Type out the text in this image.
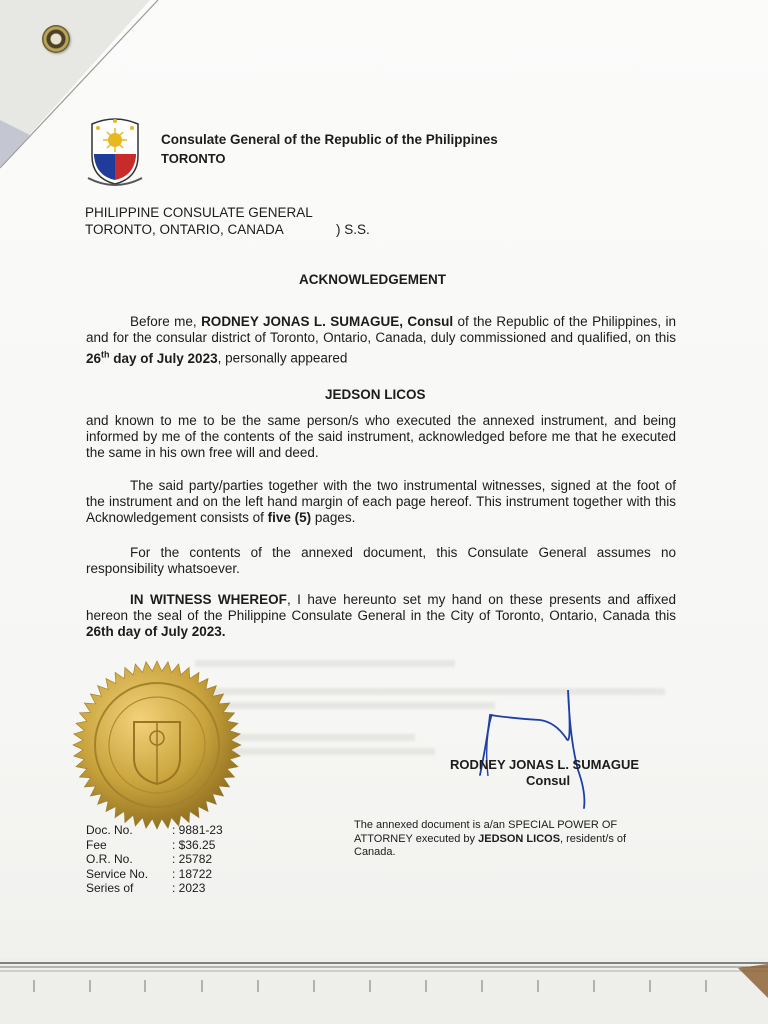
Consulate General of the Republic of the Philippines
TORONTO
PHILIPPINE CONSULATE GENERAL
TORONTO, ONTARIO, CANADA	) S.S.
ACKNOWLEDGEMENT

Before me, RODNEY JONAS L. SUMAGUE, Consul of the Republic of the Philippines, in and for the consular district of Toronto, Ontario, Canada, duly commissioned and qualified, on this 26th day of July 2023, personally appeared

JEDSON LICOS

and known to me to be the same person/s who executed the annexed instrument, and being informed by me of the contents of the said instrument, acknowledged before me that he executed the same in his own free will and deed.

The said party/parties together with the two instrumental witnesses, signed at the foot of the instrument and on the left hand margin of each page hereof. This instrument together with this Acknowledgement consists of five (5) pages.

For the contents of the annexed document, this Consulate General assumes no responsibility whatsoever.

IN WITNESS WHEREOF, I have hereunto set my hand on these presents and affixed hereon the seal of the Philippine Consulate General in the City of Toronto, Ontario, Canada this 26th day of July 2023.

RODNEY JONAS L. SUMAGUE
Consul
Doc. No.	: 9881-23
Fee	: $36.25
O.R. No.	: 25782
Service No. : 18722
Series of	: 2023

The annexed document is a/an SPECIAL POWER OF ATTORNEY executed by JEDSON LICOS, resident/s of Canada.
